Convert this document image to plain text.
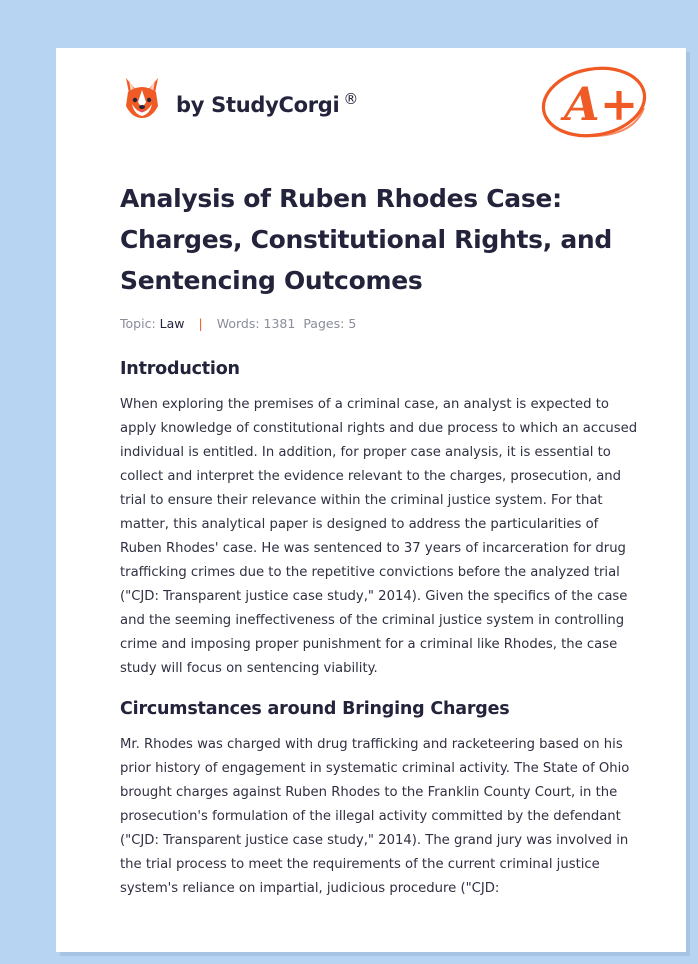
by StudyCorgi ®	A+
Analysis of Ruben Rhodes Case: Charges, Constitutional Rights, and Sentencing Outcomes
Topic: Law | Words: 1381 Pages: 5
Introduction

When exploring the premises of a criminal case, an analyst is expected to apply knowledge of constitutional rights and due process to which an accused individual is entitled. In addition, for proper case analysis, it is essential to collect and interpret the evidence relevant to the charges, prosecution, and trial to ensure their relevance within the criminal justice system. For that matter, this analytical paper is designed to address the particularities of Ruben Rhodes' case. He was sentenced to 37 years of incarceration for drug trafficking crimes due to the repetitive convictions before the analyzed trial ("CJD: Transparent justice case study," 2014). Given the specifics of the case and the seeming ineffectiveness of the criminal justice system in controlling crime and imposing proper punishment for a criminal like Rhodes, the case study will focus on sentencing viability.

Circumstances around Bringing Charges

Mr. Rhodes was charged with drug trafficking and racketeering based on his prior history of engagement in systematic criminal activity. The State of Ohio brought charges against Ruben Rhodes to the Franklin County Court, in the prosecution's formulation of the illegal activity committed by the defendant ("CJD: Transparent justice case study," 2014). The grand jury was involved in the trial process to meet the requirements of the current criminal justice system's reliance on impartial, judicious procedure ("CJD:
